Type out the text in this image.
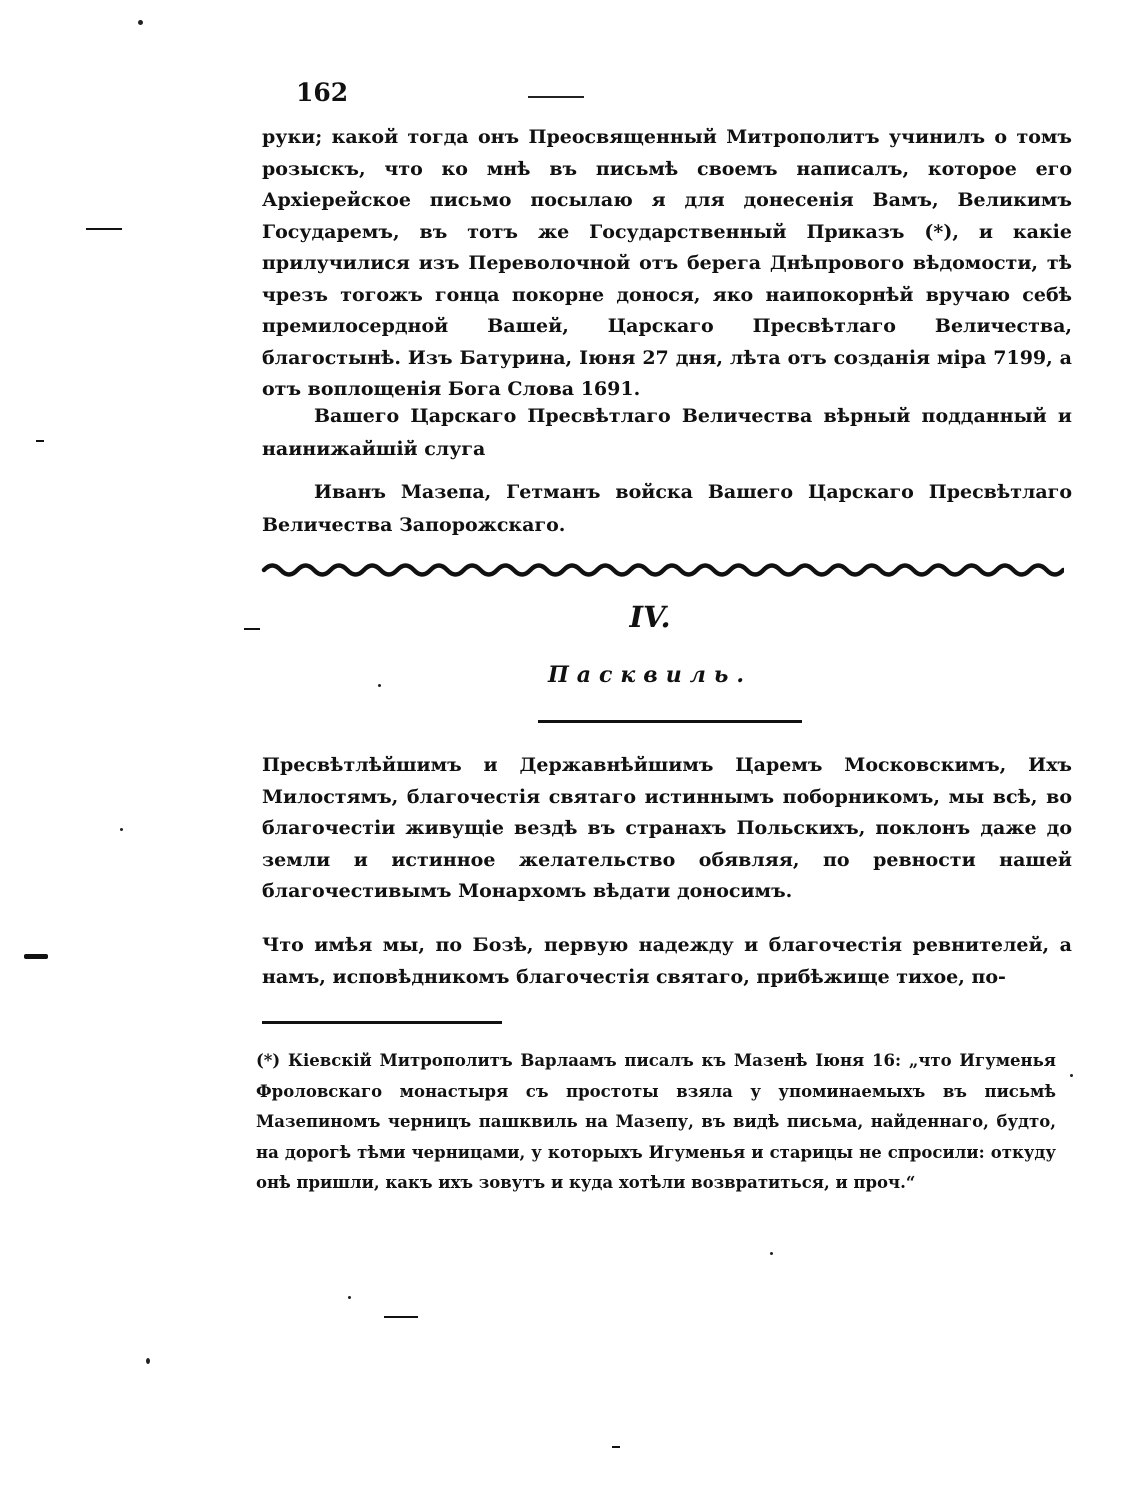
162

руки; какой тогда онъ Преосвященный Митрополитъ учинилъ о томъ розыскъ, что ко мнѣ въ письмѣ своемъ написалъ, которое его Архіерейское письмо посылаю я для донесенія Вамъ, Великимъ Государемъ, въ тотъ же Государственный Приказъ (*), и какіе прилучилися изъ Переволочной отъ берега Днѣпрового вѣдомости, тѣ чрезъ тогожъ гонца покорне донося, яко наипокорнѣй вручаю себѣ премилосердной Вашей, Царскаго Пресвѣтлаго Величества, благостынѣ. Изъ Батурина, Іюня 27 дня, лѣта отъ созданія міра 7199, а отъ воплощенія Бога Слова 1691.

Вашего Царскаго Пресвѣтлаго Величества вѣрный подданный и наинижайшій слуга
Иванъ Мазепа, Гетманъ войска Вашего Царскаго Пресвѣтлаго Величества Запорожскаго.
IV.
Пасквиль.

Пресвѣтлѣйшимъ и Державнѣйшимъ Царемъ Московскимъ, Ихъ Милостямъ, благочестія святаго истиннымъ поборникомъ, мы всѣ, во благочестіи живущіе вездѣ въ странахъ Польскихъ, поклонъ даже до земли и истинное желательство обявляя, по ревности нашей благочестивымъ Монархомъ вѣдати доносимъ.

Что имѣя мы, по Бозѣ, первую надежду и благочестія ревнителей, а намъ, исповѣдникомъ благочестія святаго, прибѣжище тихое, по-

(*) Кіевскій Митрополитъ Варлаамъ писалъ къ Мазенѣ Іюня 16: „что Игуменья Фроловскаго монастыря съ простоты взяла у упоминаемыхъ въ письмѣ Мазепиномъ черницъ пашквиль на Мазепу, въ видѣ письма, найденнаго, будто, на дорогѣ тѣми черницами, у которыхъ Игуменья и старицы не спросили: откуду онѣ пришли, какъ ихъ зовутъ и куда хотѣли возвратиться, и проч.“
